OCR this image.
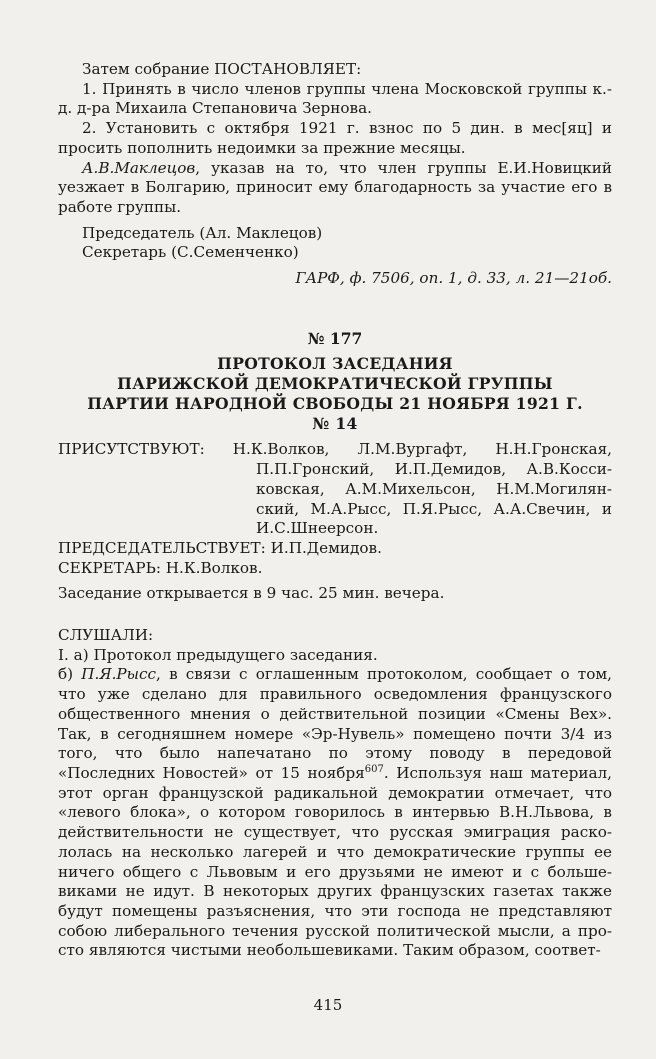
Затем собрание ПОСТАНОВЛЯЕТ:

1. Принять в число членов группы члена Московской группы к.-д. д-ра Михаила Степановича Зернова.

2. Установить с октября 1921 г. взнос по 5 дин. в мес[яц] и просить пополнить недоимки за прежние месяцы.

А.В.Маклецов, указав на то, что член группы Е.И.Новицкий уезжает в Болгарию, приносит ему благодарность за участие его в работе группы.

Председатель (Ал. Маклецов)

Секретарь (С.Семенченко)

ГАРФ, ф. 7506, оп. 1, д. 33, л. 21—21об.

№ 177

ПРОТОКОЛ ЗАСЕДАНИЯ

ПАРИЖСКОЙ ДЕМОКРАТИЧЕСКОЙ ГРУППЫ

ПАРТИИ НАРОДНОЙ СВОБОДЫ 21 НОЯБРЯ 1921 Г.

№ 14

ПРИСУТСТВУЮТ: Н.К.Волков, Л.М.Вургафт, Н.Н.Гронская, П.П.Гронский, И.П.Демидов, А.В.Коссиковская, А.М.Михельсон, Н.М.Могилянский, М.А.Рысс, П.Я.Рысс, А.А.Свечин, и И.С.Шнеерсон.

ПРЕДСЕДАТЕЛЬСТВУЕТ: И.П.Демидов.

СЕКРЕТАРЬ: Н.К.Волков.

Заседание открывается в 9 час. 25 мин. вечера.

СЛУШАЛИ:

I. а) Протокол предыдущего заседания.

б) П.Я.Рысс, в связи с оглашенным протоколом, сообщает о том, что уже сделано для правильного осведомления французского общественного мнения о действительной позиции «Смены Вех». Так, в сегодняшнем номере «Эр-Нувель» помещено почти 3/4 из того, что было напечатано по этому поводу в передовой «Последних Новостей» от 15 ноября$^{607}$. Используя наш материал, этот орган французской радикальной демократии отмечает, что «левого блока», о котором говорилось в интервью В.Н.Львова, в действительности не существует, что русская эмиграция раскололась на несколько лагерей и что демократические группы ее ничего общего с Львовым и его друзьями не имеют и с большевиками не идут. В некоторых других французских газетах также будут помещены разъяснения, что эти господа не представляют собою либерального течения русской политической мысли, а просто являются чистыми необольшевиками. Таким образом, соответ-

415
